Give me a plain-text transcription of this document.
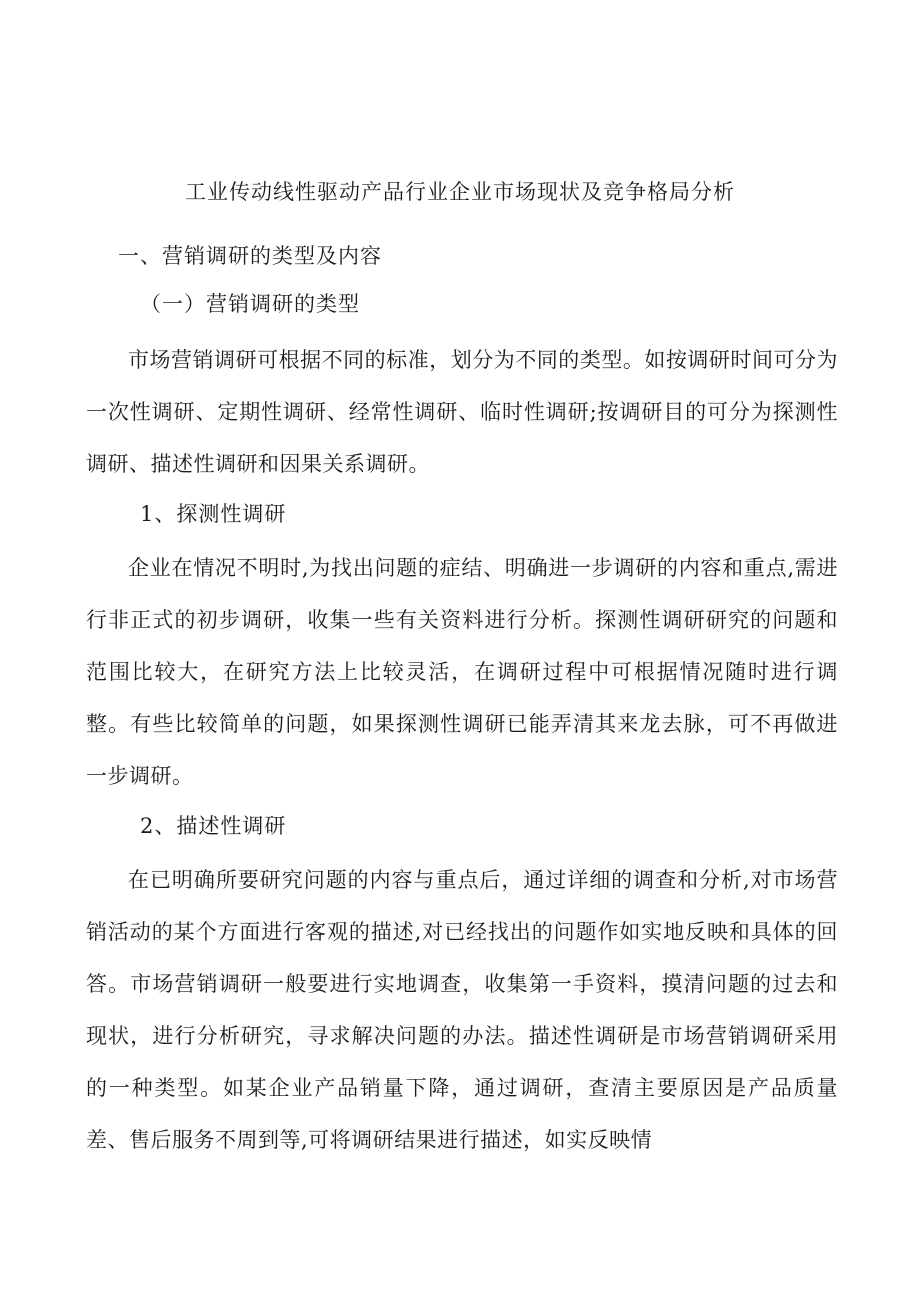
工业传动线性驱动产品行业企业市场现状及竞争格局分析
一、营销调研的类型及内容
（一）营销调研的类型

市场营销调研可根据不同的标准，划分为不同的类型。如按调研时间可分为一次性调研、定期性调研、经常性调研、临时性调研;按调研目的可分为探测性调研、描述性调研和因果关系调研。

1、探测性调研

企业在情况不明时,为找出问题的症结、明确进一步调研的内容和重点,需进行非正式的初步调研，收集一些有关资料进行分析。探测性调研研究的问题和范围比较大，在研究方法上比较灵活，在调研过程中可根据情况随时进行调整。有些比较简单的问题，如果探测性调研已能弄清其来龙去脉，可不再做进一步调研。

2、描述性调研

在已明确所要研究问题的内容与重点后，通过详细的调查和分析,对市场营销活动的某个方面进行客观的描述,对已经找出的问题作如实地反映和具体的回答。市场营销调研一般要进行实地调查，收集第一手资料，摸清问题的过去和现状，进行分析研究，寻求解决问题的办法。描述性调研是市场营销调研采用的一种类型。如某企业产品销量下降，通过调研，查清主要原因是产品质量差、售后服务不周到等,可将调研结果进行描述，如实反映情
